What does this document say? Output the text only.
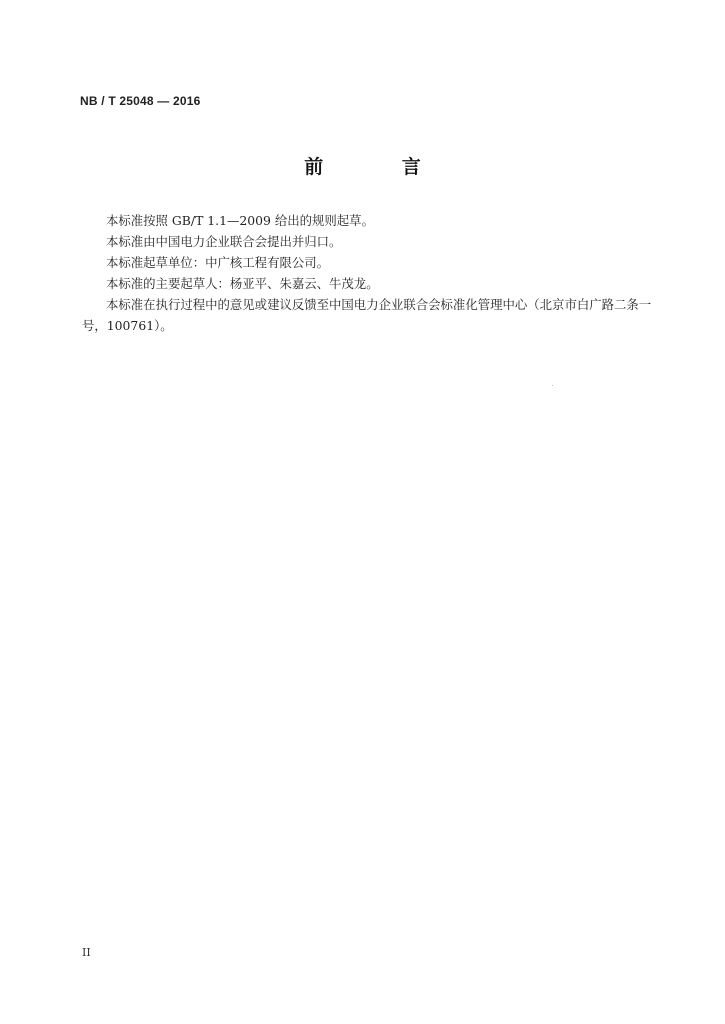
NB / T 25048 — 2016
前 言

本标准按照 GB/T 1.1—2009 给出的规则起草。

本标准由中国电力企业联合会提出并归口。

本标准起草单位：中广核工程有限公司。

本标准的主要起草人：杨亚平、朱嘉云、牛茂龙。

本标准在执行过程中的意见或建议反馈至中国电力企业联合会标准化管理中心（北京市白广路二条一号，100761）。

II
